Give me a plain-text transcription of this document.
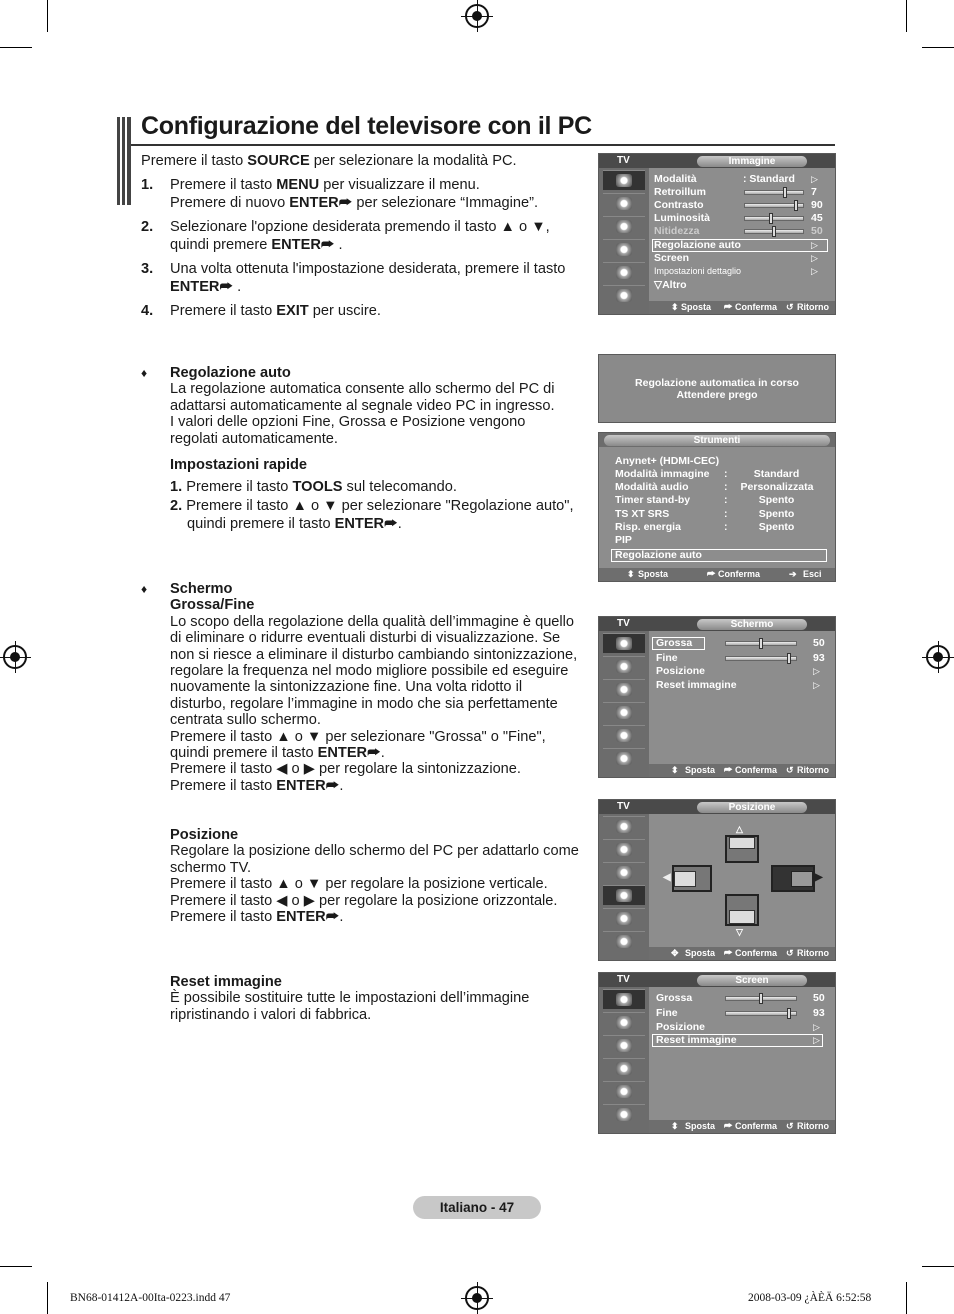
Configurazione del televisore con il PC
Premere il tasto SOURCE per selezionare la modalità PC.
1. Premere il tasto MENU per visualizzare il menu.
Premere di nuovo ENTER⮫ per selezionare “Immagine”.
2. Selezionare l'opzione desiderata premendo il tasto ▲ o ▼,
quindi premere ENTER⮫ .
3. Una volta ottenuta l'impostazione desiderata, premere il tasto
ENTER⮫ .
4. Premere il tasto EXIT per uscire.
♦ Regolazione auto
La regolazione automatica consente allo schermo del PC di
adattarsi automaticamente al segnale video PC in ingresso.
I valori delle opzioni Fine, Grossa e Posizione vengono
regolati automaticamente.
Impostazioni rapide
1. Premere il tasto TOOLS sul telecomando.
2. Premere il tasto ▲ o ▼ per selezionare "Regolazione auto",
quindi premere il tasto ENTER⮫.
♦ Schermo
Grossa/Fine
Lo scopo della regolazione della qualità dell’immagine è quello
di eliminare o ridurre eventuali disturbi di visualizzazione. Se
non si riesce a eliminare il disturbo cambiando sintonizzazione,
regolare la frequenza nel modo migliore possibile ed eseguire
nuovamente la sintonizzazione fine. Una volta ridotto il
disturbo, regolare l’immagine in modo che sia perfettamente
centrata sullo schermo.
Premere il tasto ▲ o ▼ per selezionare "Grossa" o "Fine",
quindi premere il tasto ENTER⮫.
Premere il tasto ◀ o ▶ per regolare la sintonizzazione.
Premere il tasto ENTER⮫.
Posizione
Regolare la posizione dello schermo del PC per adattarlo come
schermo TV.
Premere il tasto ▲ o ▼ per regolare la posizione verticale.
Premere il tasto ◀ o ▶ per regolare la posizione orizzontale.
Premere il tasto ENTER⮫.
Reset immagine
È possibile sostituire tutte le impostazioni dell’immagine
ripristinando i valori di fabbrica.
TV	Immagine
Modalità	: Standard ▷
Retroillum	7
Contrasto	90
Luminosità	45
Nitidezza	50
Regolazione auto	▷
Screen	▷
Impostazioni dettaglio	▷
▽Altro
⬍ Sposta ⮫ Conferma ↺ Ritorno
Regolazione automatica in corso
Attendere prego
Strumenti
Anynet+ (HDMI-CEC)
Modalità immagine :	Standard
Modalità audio	:	Personalizzata
Timer stand-by	:	Spento
TS XT SRS	:	Spento
Risp. energia	:	Spento
PIP
Regolazione auto
⬍ Sposta	⮫ Conferma	➔ Esci
TV	Schermo
Grossa	50
Fine	93
Posizione	▷
Reset immagine	▷
⬍ Sposta ⮫ Conferma ↺ Ritorno
TV	Posizione
△
◀	▶
▽
✥ Sposta ⮫ Conferma ↺ Ritorno
TV	Screen
Grossa	50
Fine	93
Posizione	▷
Reset immagine	▷
⬍ Sposta ⮫ Conferma ↺ Ritorno
Italiano - 47
BN68-01412A-00Ita-0223.indd 47	2008-03-09 ¿ÀÈÄ 6:52:58
